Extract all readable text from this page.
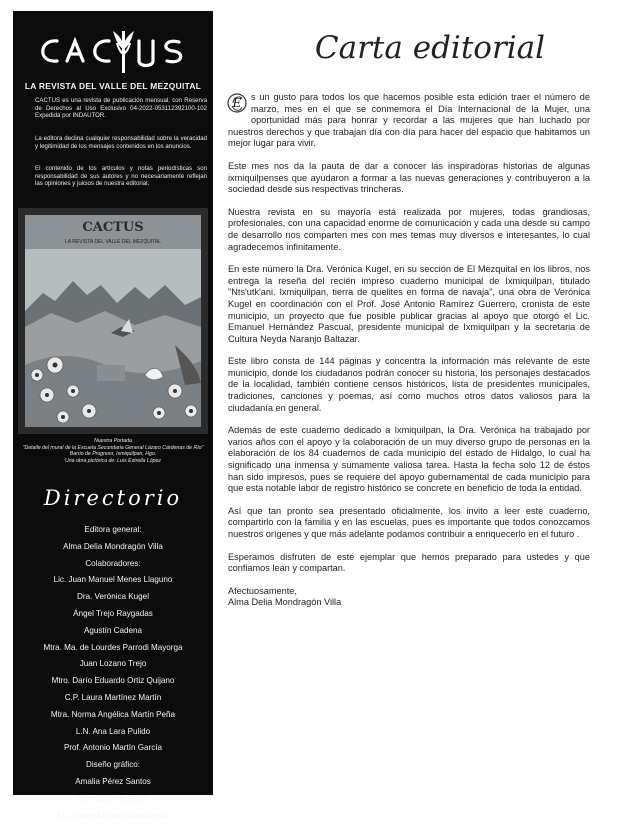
CACTUS
LA REVISTA DEL VALLE DEL MEZQUITAL
CACTUS es una revista de publicación mensual, con Reserva de Derechos al Uso Exclusivo 04-2022-053112392100-102 Expedida por INDAUTOR.
La editora declina cualquier responsabilidad sobre la veracidad y legitimidad de los mensajes contenidos en los anuncios.
El contenido de los artículos y notas periodísticas son responsabilidad de sus autores y no necesariamente reflejan las opiniones y juicios de nuestra editorial.
CACTUS
LA REVISTA DEL VALLE DEL MEZQUITAL
Nuestra Portada
"Detalle del mural de la Escuela Secundaria General Lázaro Cárdenas de Río"
Barrio de Progreso, Ixmiquilpan, Hgo.
Una obra pictórica de: Luis Estrella López
Directorio
Editora general:
Alma Delia Mondragón Villa
Colaboradores:
Lic. Juan Manuel Menes Llaguno
Dra. Verónica Kugel
Ángel Trejo Raygadas
Agustín Cadena
Mtra. Ma. de Lourdes Parrodi Mayorga
Juan Lozano Trejo
Mtro. Darío Eduardo Ortiz Quijano
C.P. Laura Martínez Martín
Mtra. Norma Angélica Martín Peña
L.N. Ana Lara Pulido
Prof. Antonio Martín García
Diseño gráfico:
Amalia Pérez Santos
Corrección de estilo:
Lic. Ximena López Mondragón
Carta editorial

E s un gusto para todos los que hacemos posible esta edición traer el número de marzo, mes en el que se conmemora el Día Internacional de la Mujer, una oportunidad más para honrar y recordar a las mujeres que han luchado por nuestros derechos y que trabajan día con día para hacer del espacio que habitamos un mejor lugar para vivir.

Este mes nos da la pauta de dar a conocer las inspiradoras historias de algunas ixmiquilpenses que ayudaron a formar a las nuevas generaciones y contribuyeron a la sociedad desde sus respectivas trincheras.

Nuestra revista en su mayoría está realizada por mujeres, todas grandiosas, profesionales, con una capacidad enorme de comunicación y cada una desde su campo de desarrollo nos comparten mes con mes temas muy diversos e interesantes, lo cual agradecemos infinitamente.

En este número la Dra. Verónica Kugel, en su sección de El Mezquital en los libros, nos entrega la reseña del recién impreso cuaderno municipal de Ixmiquilpan, titulado "Nts'utk'ani. Ixmiquilpan, tierra de quelites en forma de navaja", una obra de Verónica Kugel en coordinación con el Prof. José Antonio Ramírez Guerrero, cronista de este municipio, un proyecto que fue posible publicar gracias al apoyo que otorgó el Lic. Emanuel Hernández Pascual, presidente municipal de Ixmiquilpan y la secretaria de Cultura Neyda Naranjo Baltazar.

Este libro consta de 144 páginas y concentra la información más relevante de este municipio, donde los ciudadanos podrán conocer su historia, los personajes destacados de la localidad, también contiene censos históricos, lista de presidentes municipales, tradiciones, canciones y poemas, así como muchos otros datos valiosos para la ciudadanía en general.

Además de este cuaderno dedicado a Ixmiquilpan, la Dra. Verónica ha trabajado por varios años con el apoyo y la colaboración de un muy diverso grupo de personas en la elaboración de los 84 cuadernos de cada municipio del estado de Hidalgo, lo cual ha significado una inmensa y sumamente valiosa tarea. Hasta la fecha solo 12 de éstos han sido impresos, pues se requiere del apoyo gubernamental de cada municipio para que esta notable labor de registro histórico se concrete en beneficio de toda la entidad.

Así que tan pronto sea presentado oficialmente, los invito a leer este cuaderno, compartirlo con la familia y en las escuelas, pues es importante que todos conozcamos nuestros orígenes y que más adelante podamos contribuir a enriquecerlo en el futuro .

Esperamos disfruten de este ejemplar que hemos preparado para ustedes y que confiamos lean y compartan.

Afectuosamente,
Alma Delia Mondragón Villa
